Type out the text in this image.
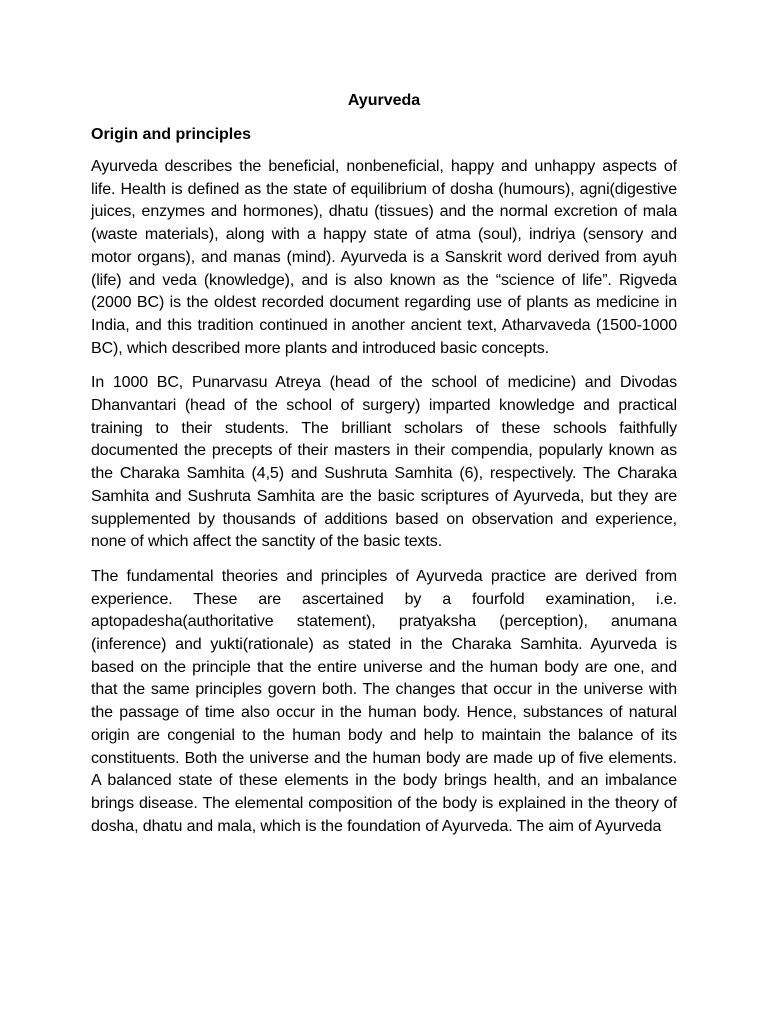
Ayurveda
Origin and principles

Ayurveda describes the beneficial, nonbeneficial, happy and unhappy aspects of life. Health is defined as the state of equilibrium of dosha (humours), agni(digestive juices, enzymes and hormones), dhatu (tissues) and the normal excretion of mala (waste materials), along with a happy state of atma (soul), indriya (sensory and motor organs), and manas (mind). Ayurveda is a Sanskrit word derived from ayuh (life) and veda (knowledge), and is also known as the “science of life”. Rigveda (2000 BC) is the oldest recorded document regarding use of plants as medicine in India, and this tradition continued in another ancient text, Atharvaveda (1500-1000 BC), which described more plants and introduced basic concepts.

In 1000 BC, Punarvasu Atreya (head of the school of medicine) and Divodas Dhanvantari (head of the school of surgery) imparted knowledge and practical training to their students. The brilliant scholars of these schools faithfully documented the precepts of their masters in their compendia, popularly known as the Charaka Samhita (4,5) and Sushruta Samhita (6), respectively. The Charaka Samhita and Sushruta Samhita are the basic scriptures of Ayurveda, but they are supplemented by thousands of additions based on observation and experience, none of which affect the sanctity of the basic texts.

The fundamental theories and principles of Ayurveda practice are derived from experience. These are ascertained by a fourfold examination, i.e. aptopadesha(authoritative statement), pratyaksha (perception), anumana (inference) and yukti(rationale) as stated in the Charaka Samhita. Ayurveda is based on the principle that the entire universe and the human body are one, and that the same principles govern both. The changes that occur in the universe with the passage of time also occur in the human body. Hence, substances of natural origin are congenial to the human body and help to maintain the balance of its constituents. Both the universe and the human body are made up of five elements. A balanced state of these elements in the body brings health, and an imbalance brings disease. The elemental composition of the body is explained in the theory of dosha, dhatu and mala, which is the foundation of Ayurveda. The aim of Ayurveda
